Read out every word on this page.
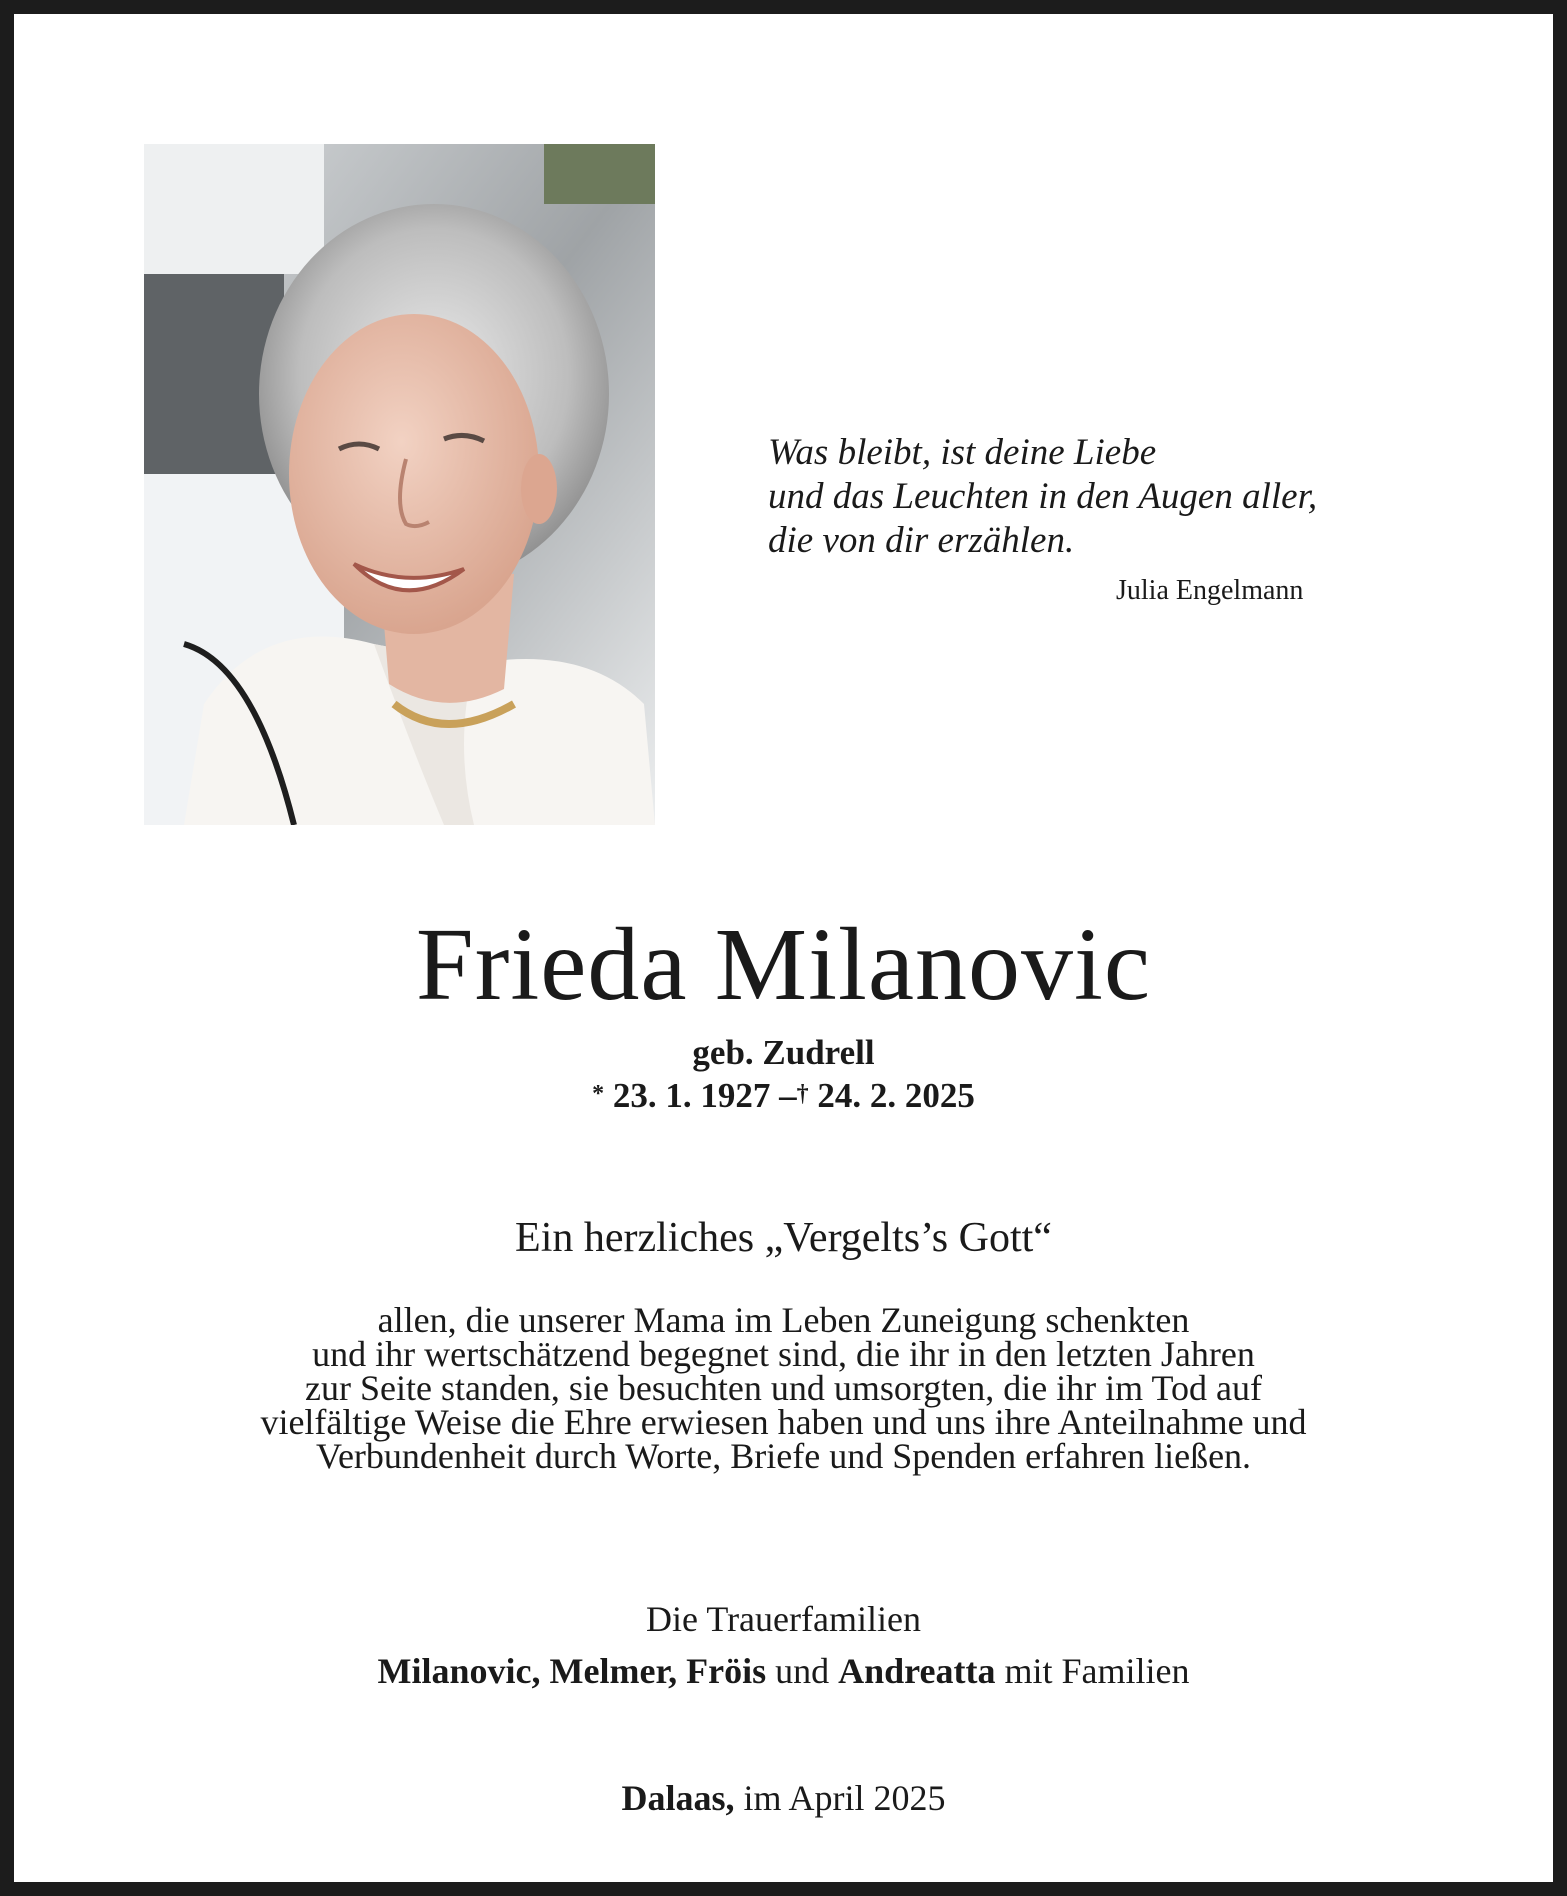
Was bleibt, ist deine Liebe
und das Leuchten in den Augen aller,
die von dir erzählen.
Julia Engelmann
Frieda Milanovic
geb. Zudrell
* 23. 1. 1927 –† 24. 2. 2025
Ein herzliches „Vergelts’s Gott“
allen, die unserer Mama im Leben Zuneigung schenkten
und ihr wertschätzend begegnet sind, die ihr in den letzten Jahren
zur Seite standen, sie besuchten und umsorgten, die ihr im Tod auf
vielfältige Weise die Ehre erwiesen haben und uns ihre Anteilnahme und
Verbundenheit durch Worte, Briefe und Spenden erfahren ließen.
Die Trauerfamilien
Milanovic, Melmer, Fröis und Andreatta mit Familien
Dalaas, im April 2025
